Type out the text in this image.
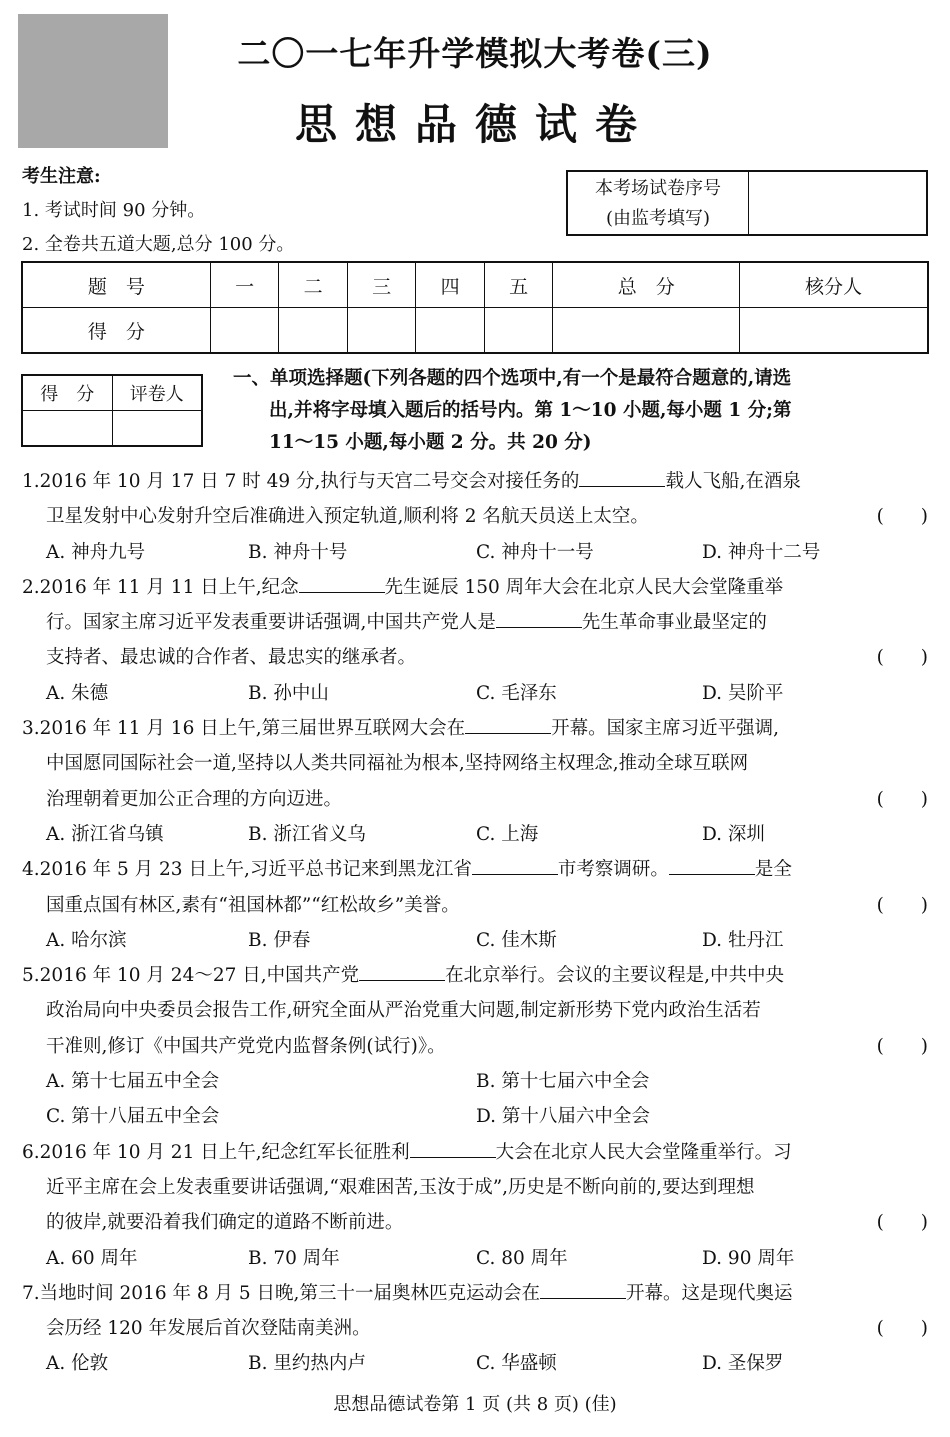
二〇一七年升学模拟大考卷(三)
思想品德试卷
考生注意:
1. 考试时间 90 分钟。
2. 全卷共五道大题,总分 100 分。
本考场试卷序号
(由监考填写)
题　号	一	二	三	四	五	总　分	核分人
得　分							
得　分	评卷人

一、单项选择题(下列各题的四个选项中,有一个是最符合题意的,请选
出,并将字母填入题后的括号内。第 1～10 小题,每小题 1 分;第
11～15 小题,每小题 2 分。共 20 分)
1.2016 年 10 月 17 日 7 时 49 分,执行与天宫二号交会对接任务的	载人飞船,在酒泉
卫星发射中心发射升空后准确进入预定轨道,顺利将 2 名航天员送上太空。	(　　)
A. 神舟九号	B. 神舟十号	C. 神舟十一号	D. 神舟十二号
2.2016 年 11 月 11 日上午,纪念	先生诞辰 150 周年大会在北京人民大会堂隆重举
行。国家主席习近平发表重要讲话强调,中国共产党人是	先生革命事业最坚定的
支持者、最忠诚的合作者、最忠实的继承者。	(　　)
A. 朱德	B. 孙中山	C. 毛泽东	D. 吴阶平
3.2016 年 11 月 16 日上午,第三届世界互联网大会在	开幕。国家主席习近平强调,
中国愿同国际社会一道,坚持以人类共同福祉为根本,坚持网络主权理念,推动全球互联网
治理朝着更加公正合理的方向迈进。	(　　)
A. 浙江省乌镇	B. 浙江省义乌	C. 上海	D. 深圳
4.2016 年 5 月 23 日上午,习近平总书记来到黑龙江省	市考察调研。	是全
国重点国有林区,素有“祖国林都”“红松故乡”美誉。	(　　)
A. 哈尔滨	B. 伊春	C. 佳木斯	D. 牡丹江
5.2016 年 10 月 24～27 日,中国共产党	在北京举行。会议的主要议程是,中共中央
政治局向中央委员会报告工作,研究全面从严治党重大问题,制定新形势下党内政治生活若
干准则,修订《中国共产党党内监督条例(试行)》。	(　　)
A. 第十七届五中全会	B. 第十七届六中全会
C. 第十八届五中全会	D. 第十八届六中全会
6.2016 年 10 月 21 日上午,纪念红军长征胜利	大会在北京人民大会堂隆重举行。习
近平主席在会上发表重要讲话强调,“艰难困苦,玉汝于成”,历史是不断向前的,要达到理想
的彼岸,就要沿着我们确定的道路不断前进。	(　　)
A. 60 周年	B. 70 周年	C. 80 周年	D. 90 周年
7.当地时间 2016 年 8 月 5 日晚,第三十一届奥林匹克运动会在	开幕。这是现代奥运
会历经 120 年发展后首次登陆南美洲。	(　　)
A. 伦敦	B. 里约热内卢	C. 华盛顿	D. 圣保罗
思想品德试卷第 1 页 (共 8 页) (佳)
